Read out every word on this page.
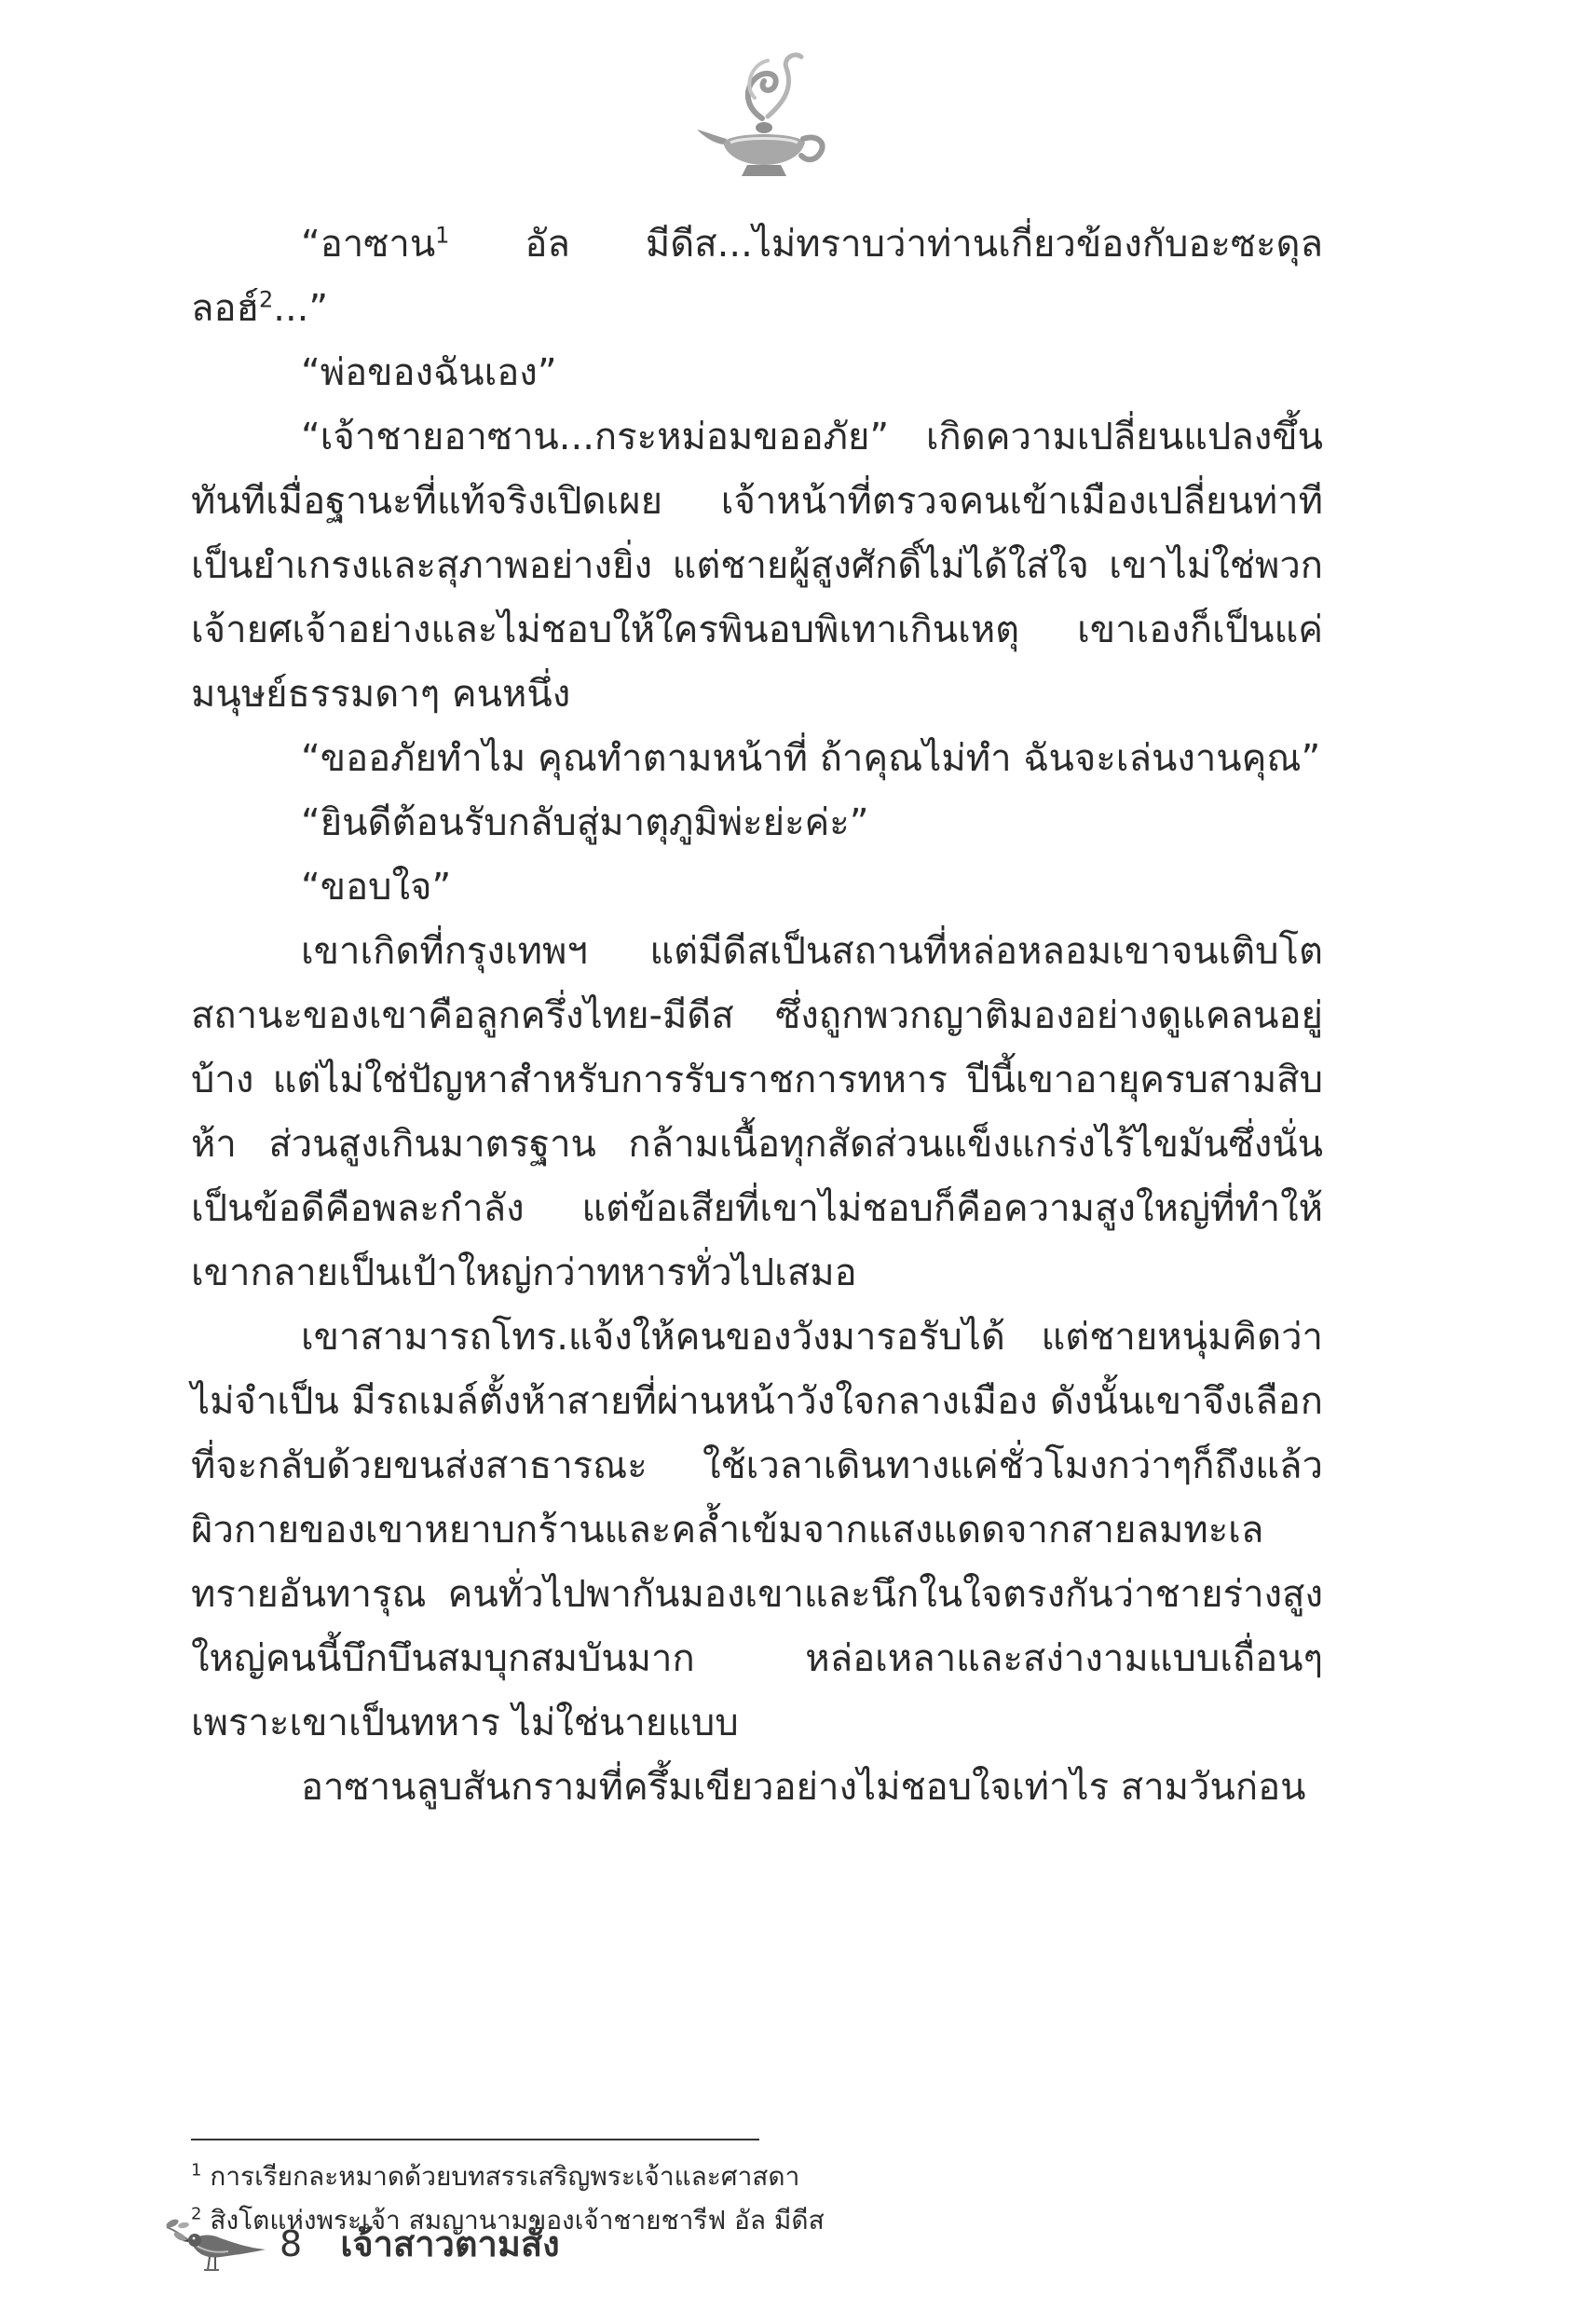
“อาซาน$^1$ อัล มีดีส...ไม่ทราบว่าท่านเกี่ยวข้องกับอะซะดุลลอฮ์$^2$...”

“พ่อของฉันเอง”

“เจ้าชายอาซาน...กระหม่อมขออภัย” เกิดความเปลี่ยนแปลงขึ้นทันทีเมื่อฐานะที่แท้จริงเปิดเผย เจ้าหน้าที่ตรวจคนเข้าเมืองเปลี่ยนท่าทีเป็นยำเกรงและสุภาพอย่างยิ่ง แต่ชายผู้สูงศักดิ์ไม่ได้ใส่ใจ เขาไม่ใช่พวกเจ้ายศเจ้าอย่างและไม่ชอบให้ใครพินอบพิเทาเกินเหตุ เขาเองก็เป็นแค่มนุษย์ธรรมดาๆ คนหนึ่ง

“ขออภัยทำไม คุณทำตามหน้าที่ ถ้าคุณไม่ทำ ฉันจะเล่นงานคุณ”

“ยินดีต้อนรับกลับสู่มาตุภูมิพ่ะย่ะค่ะ”

“ขอบใจ”

เขาเกิดที่กรุงเทพฯ แต่มีดีสเป็นสถานที่หล่อหลอมเขาจนเติบโตสถานะของเขาคือลูกครึ่งไทย-มีดีส ซึ่งถูกพวกญาติมองอย่างดูแคลนอยู่บ้าง แต่ไม่ใช่ปัญหาสำหรับการรับราชการทหาร ปีนี้เขาอายุครบสามสิบห้า ส่วนสูงเกินมาตรฐาน กล้ามเนื้อทุกสัดส่วนแข็งแกร่งไร้ไขมันซึ่งนั่นเป็นข้อดีคือพละกำลัง แต่ข้อเสียที่เขาไม่ชอบก็คือความสูงใหญ่ที่ทำให้เขากลายเป็นเป้าใหญ่กว่าทหารทั่วไปเสมอ

เขาสามารถโทร.แจ้งให้คนของวังมารอรับได้ แต่ชายหนุ่มคิดว่าไม่จำเป็น มีรถเมล์ตั้งห้าสายที่ผ่านหน้าวังใจกลางเมือง ดังนั้นเขาจึงเลือกที่จะกลับด้วยขนส่งสาธารณะ ใช้เวลาเดินทางแค่ชั่วโมงกว่าๆก็ถึงแล้ว ผิวกายของเขาหยาบกร้านและคล้ำเข้มจากแสงแดดจากสายลมทะเลทรายอันทารุณ คนทั่วไปพากันมองเขาและนึกในใจตรงกันว่าชายร่างสูงใหญ่คนนี้บึกบึนสมบุกสมบันมาก หล่อเหลาและสง่างามแบบเถื่อนๆ เพราะเขาเป็นทหาร ไม่ใช่นายแบบ

อาซานลูบสันกรามที่ครึ้มเขียวอย่างไม่ชอบใจเท่าไร สามวันก่อน

$^1$ การเรียกละหมาดด้วยบทสรรเสริญพระเจ้าและศาสดา

$^2$ สิงโตแห่งพระเจ้า สมญานามของเจ้าชายชารีฟ อัล มีดีส

8 เจ้าสาวตามสั่ง
